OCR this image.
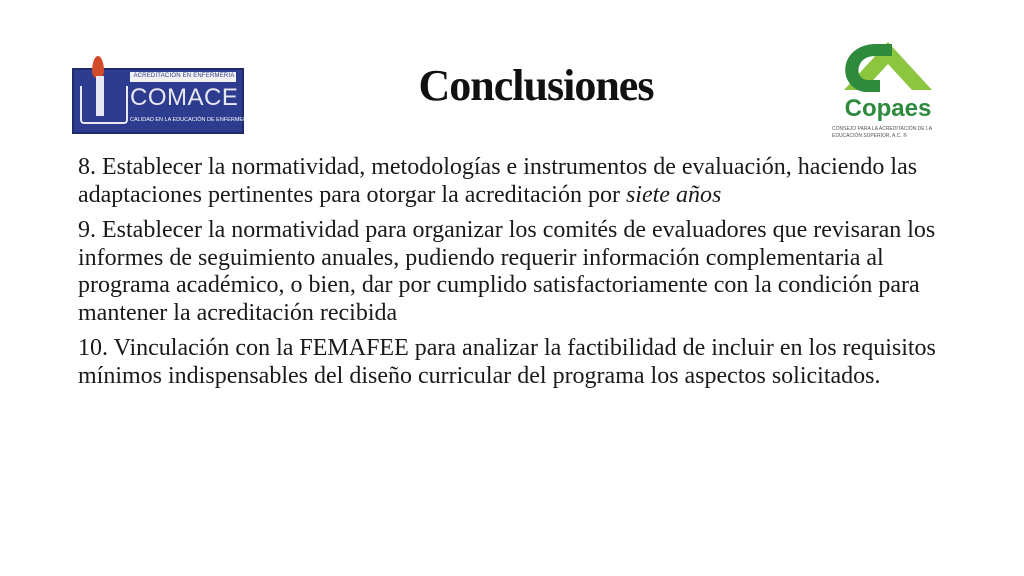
ACREDITACIÓN EN ENFERMERÍA
COMACE
CALIDAD EN LA EDUCACIÓN DE ENFERMERÍA
Conclusiones	Copaes
CONSEJO PARA LA ACREDITACIÓN DE LA EDUCACIÓN SUPERIOR, A.C. ®

8. Establecer la normatividad, metodologías e instrumentos de evaluación, haciendo las adaptaciones pertinentes para otorgar la acreditación por siete años

9. Establecer la normatividad para organizar los comités de evaluadores que revisaran los informes de seguimiento anuales, pudiendo requerir información complementaria al programa académico, o bien, dar por cumplido satisfactoriamente con la condición para mantener la acreditación recibida

10. Vinculación con la FEMAFEE para analizar la factibilidad de incluir en los requisitos mínimos indispensables del diseño curricular del programa los aspectos solicitados.
